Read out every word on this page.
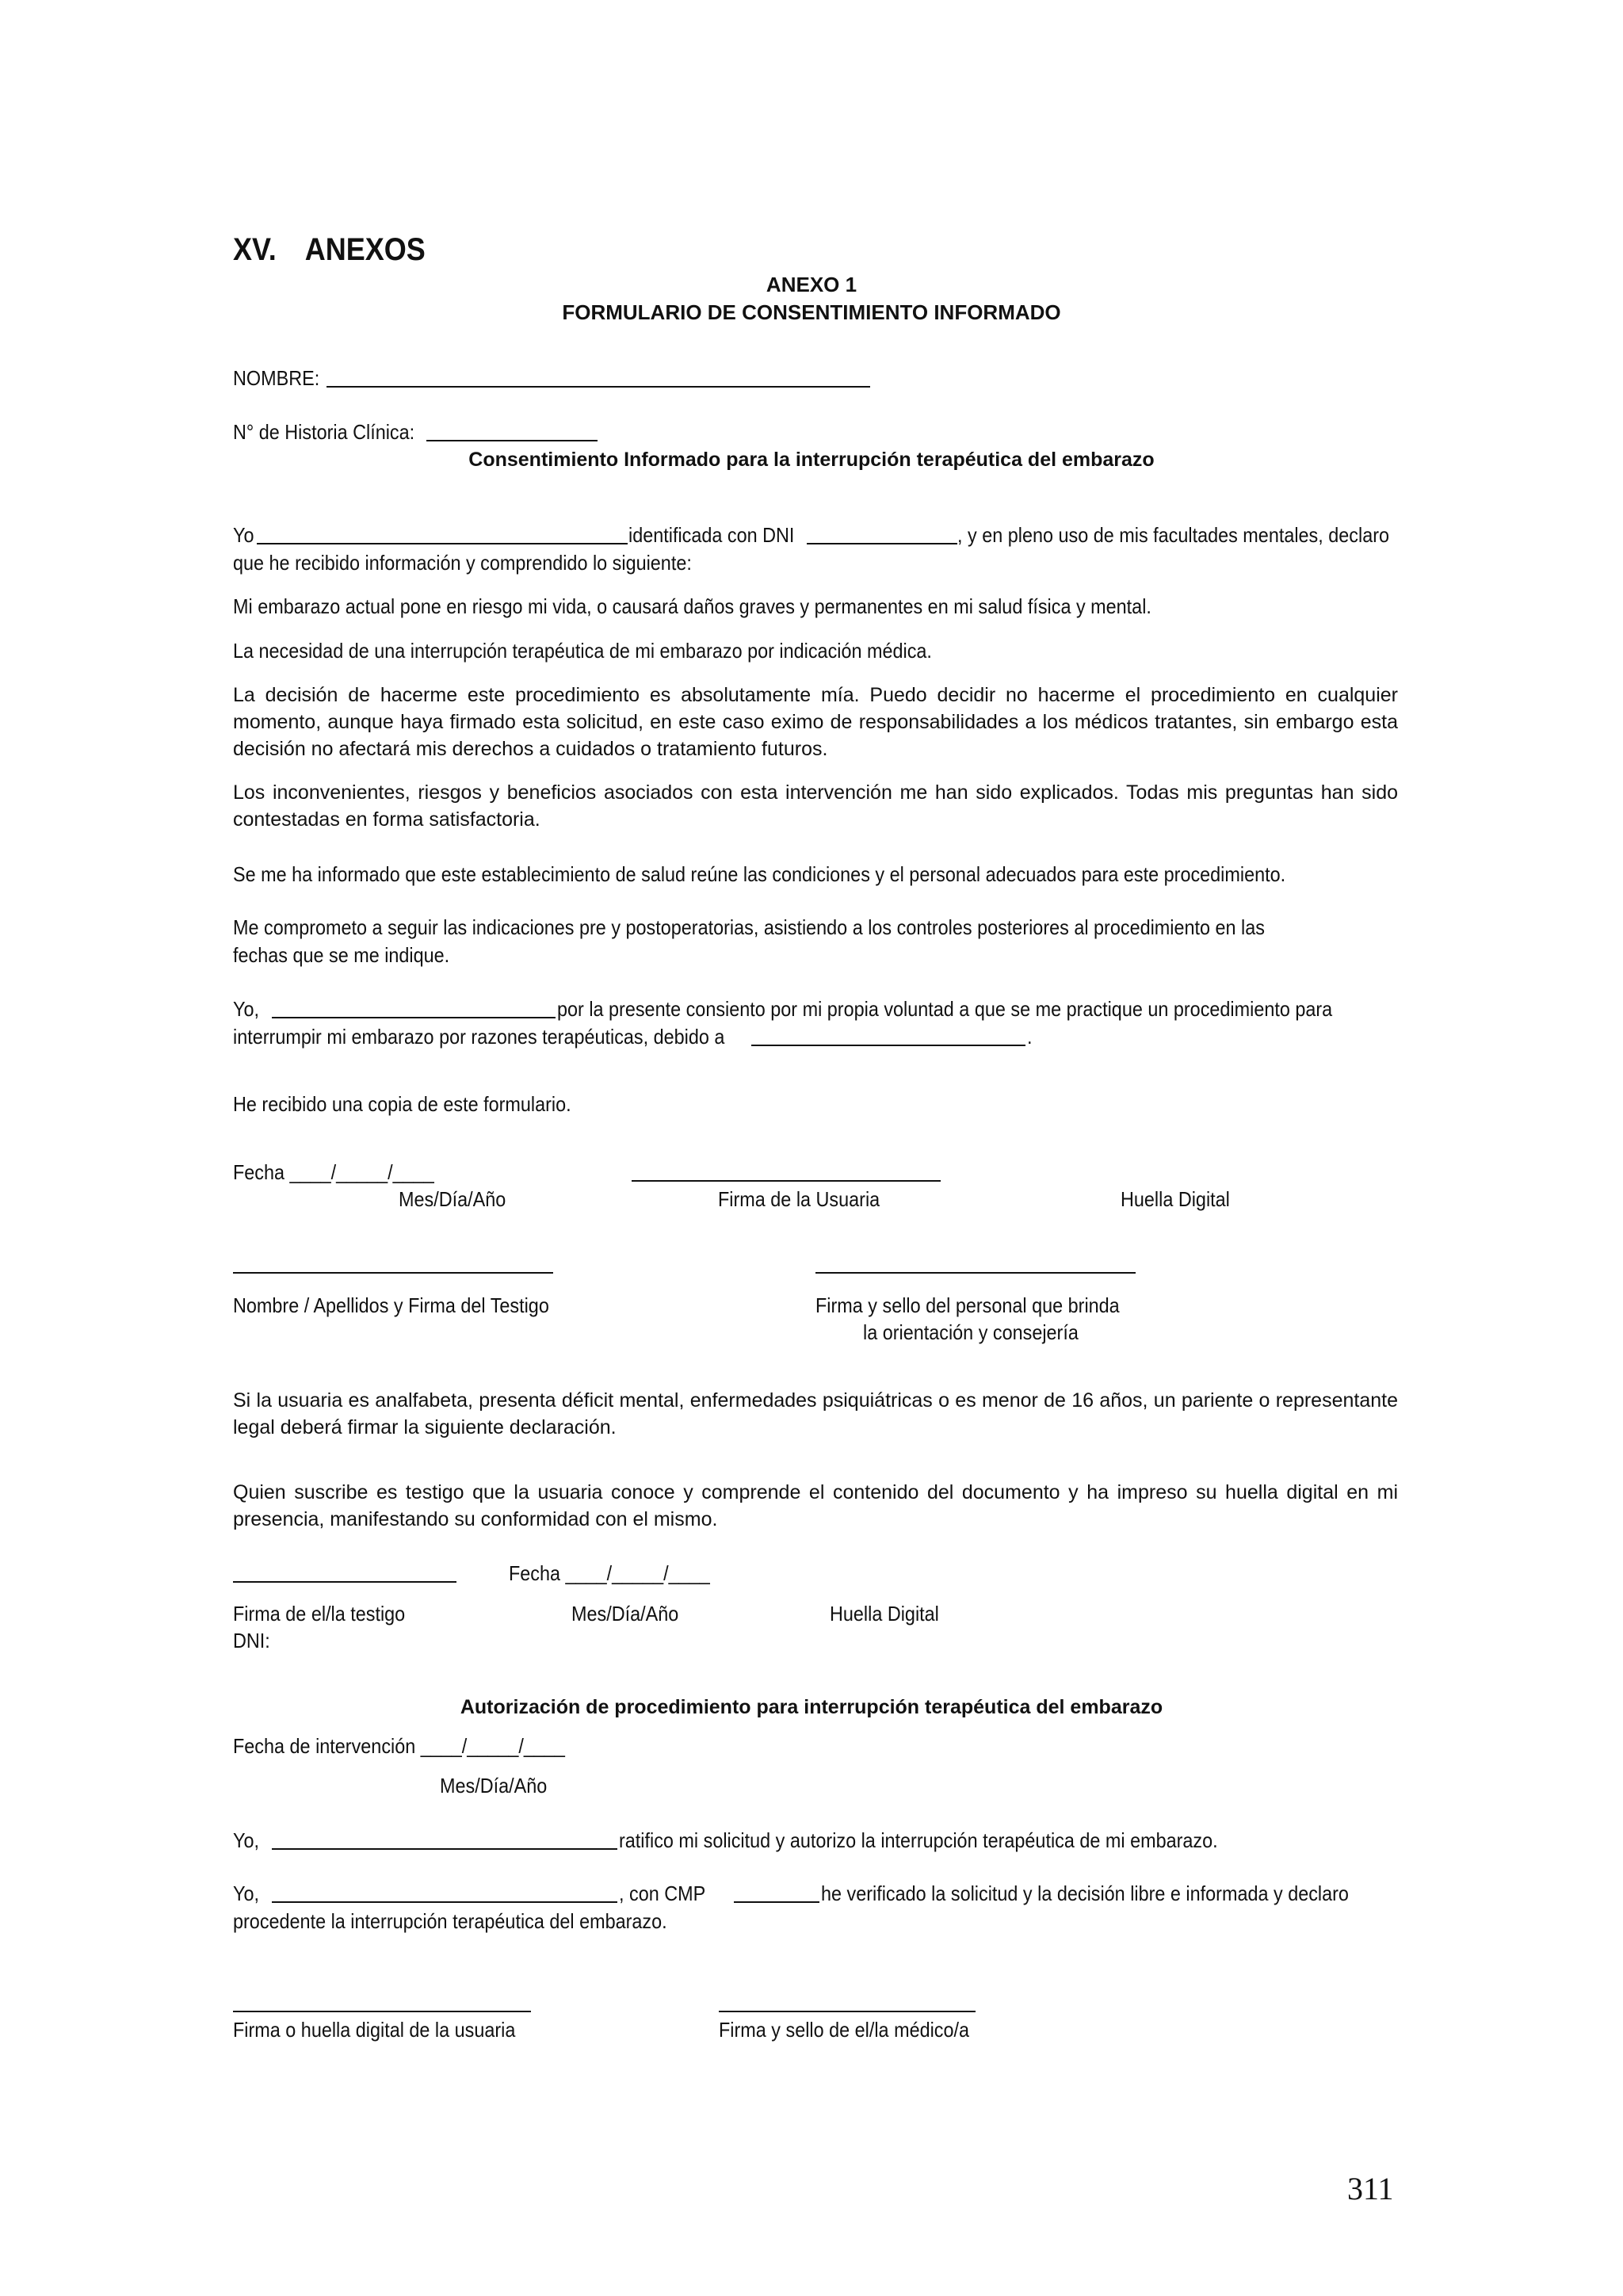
XV. ANEXOS
ANEXO 1
FORMULARIO DE CONSENTIMIENTO INFORMADO
NOMBRE:
N° de Historia Clínica:
Consentimiento Informado para la interrupción terapéutica del embarazo
Yo	identificada con DNI	, y en pleno uso de mis facultades mentales, declaro
que he recibido información y comprendido lo siguiente:
Mi embarazo actual pone en riesgo mi vida, o causará daños graves y permanentes en mi salud física y mental.
La necesidad de una interrupción terapéutica de mi embarazo por indicación médica.
La decisión de hacerme este procedimiento es absolutamente mía. Puedo decidir no hacerme el procedimiento en cualquier momento, aunque haya firmado esta solicitud, en este caso eximo de responsabilidades a los médicos tratantes, sin embargo esta decisión no afectará mis derechos a cuidados o tratamiento futuros.
Los inconvenientes, riesgos y beneficios asociados con esta intervención me han sido explicados. Todas mis preguntas han sido contestadas en forma satisfactoria.
Se me ha informado que este establecimiento de salud reúne las condiciones y el personal adecuados para este procedimiento.
Me comprometo a seguir las indicaciones pre y postoperatorias, asistiendo a los controles posteriores al procedimiento en las
fechas que se me indique.
Yo,	por la presente consiento por mi propia voluntad a que se me practique un procedimiento para
interrumpir mi embarazo por razones terapéuticas, debido a	.
He recibido una copia de este formulario.
Fecha ____/_____/____
Mes/Día/Año	Firma de la Usuaria	Huella Digital
Nombre / Apellidos y Firma del Testigo	Firma y sello del personal que brinda
la orientación y consejería
Si la usuaria es analfabeta, presenta déficit mental, enfermedades psiquiátricas o es menor de 16 años, un pariente o representante legal deberá firmar la siguiente declaración.
Quien suscribe es testigo que la usuaria conoce y comprende el contenido del documento y ha impreso su huella digital en mi presencia, manifestando su conformidad con el mismo.
Fecha ____/_____/____
Firma de el/la testigo
DNI:
Mes/Día/Año	Huella Digital
Autorización de procedimiento para interrupción terapéutica del embarazo
Fecha de intervención ____/_____/____
Mes/Día/Año
Yo,	ratifico mi solicitud y autorizo la interrupción terapéutica de mi embarazo.
Yo,	, con CMP	he verificado la solicitud y la decisión libre e informada y declaro
procedente la interrupción terapéutica del embarazo.
Firma o huella digital de la usuaria	Firma y sello de el/la médico/a
311
